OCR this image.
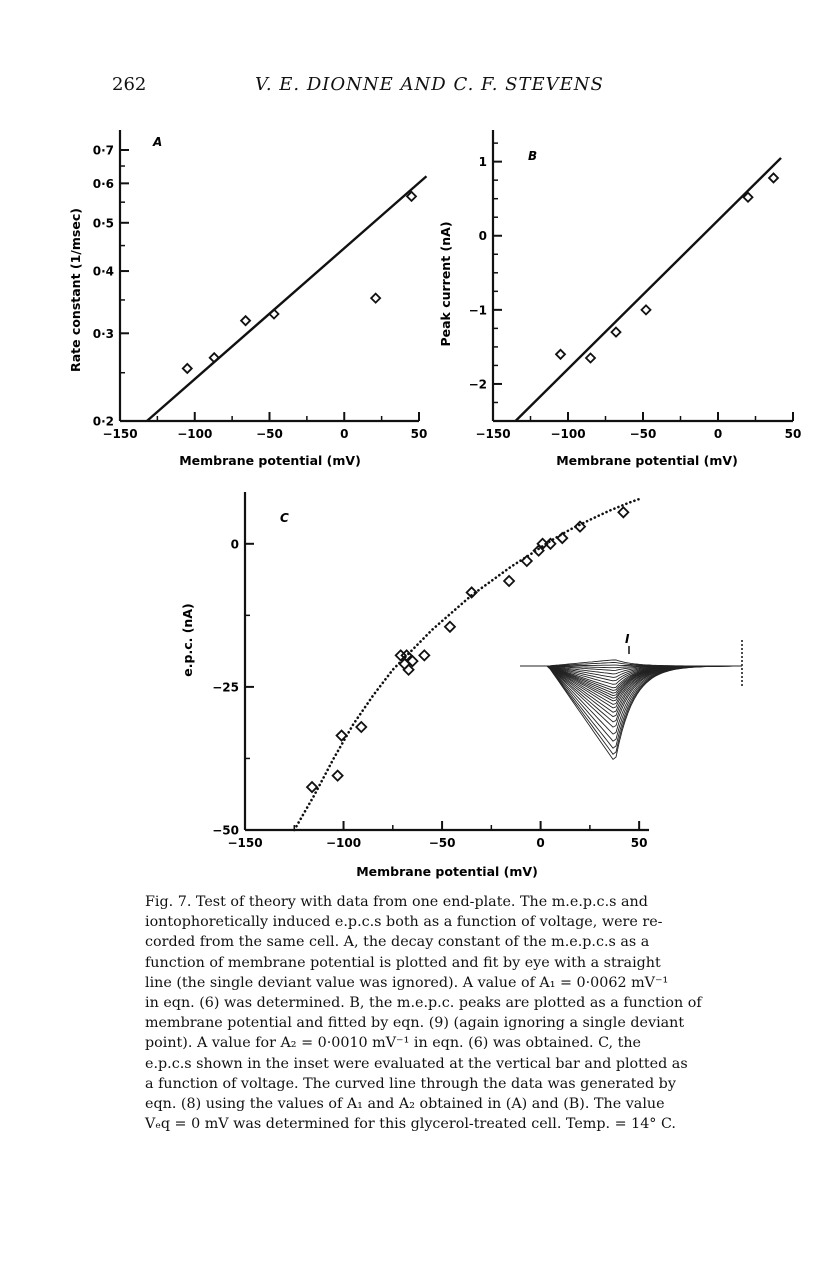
262	V. E. DIONNE AND C. F. STEVENS
A
Membrane potential (mV)
Rate constant (1/msec)
−150	−100	−50	0	50
0·2
0·3
0·4
0·5
0·6
0·7	B
Membrane potential (mV)
Peak current (nA)
−150	−100	−50	0	50
−2
−1
0
1
C
Membrane potential (mV)
e.p.c. (nA)	I
−150	−100	−50	0	50
0
−25
−50

Fig. 7. Test of theory with data from one end-plate. The m.e.p.c.s and

iontophoretically induced e.p.c.s both as a function of voltage, were re-

corded from the same cell. A, the decay constant of the m.e.p.c.s as a

function of membrane potential is plotted and fit by eye with a straight

line (the single deviant value was ignored). A value of A₁ = 0·0062 mV⁻¹

in eqn. (6) was determined. B, the m.e.p.c. peaks are plotted as a function of

membrane potential and fitted by eqn. (9) (again ignoring a single deviant

point). A value for A₂ = 0·0010 mV⁻¹ in eqn. (6) was obtained. C, the

e.p.c.s shown in the inset were evaluated at the vertical bar and plotted as

a function of voltage. The curved line through the data was generated by

eqn. (8) using the values of A₁ and A₂ obtained in (A) and (B). The value

Vₑq = 0 mV was determined for this glycerol-treated cell. Temp. = 14° C.
